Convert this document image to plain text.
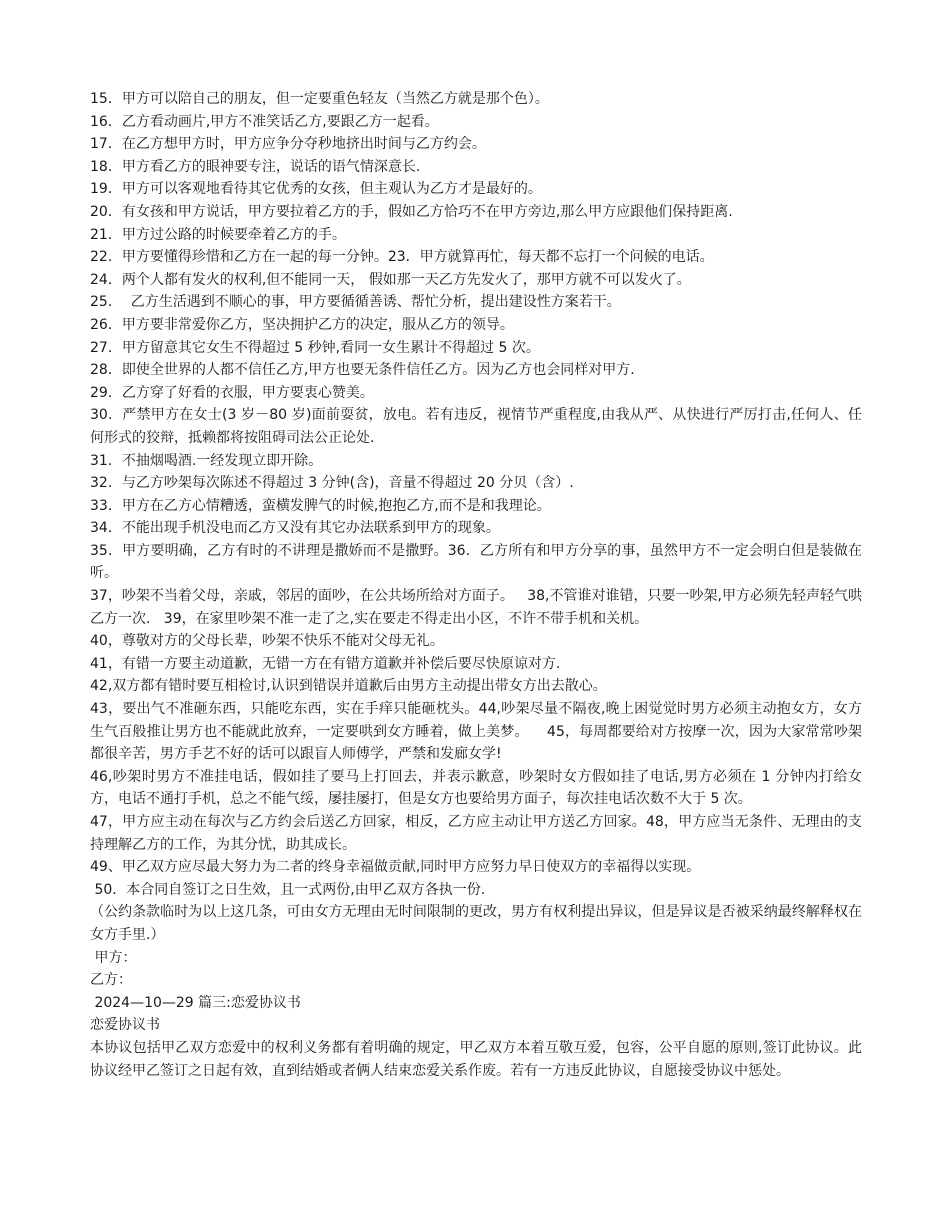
15．甲方可以陪自己的朋友，但一定要重色轻友（当然乙方就是那个色）。

16．乙方看动画片,甲方不准笑话乙方,要跟乙方一起看。

17．在乙方想甲方时，甲方应争分夺秒地挤出时间与乙方约会。

18．甲方看乙方的眼神要专注，说话的语气情深意长.

19．甲方可以客观地看待其它优秀的女孩，但主观认为乙方才是最好的。

20．有女孩和甲方说话，甲方要拉着乙方的手，假如乙方恰巧不在甲方旁边,那么甲方应跟他们保持距离.

21．甲方过公路的时候要牵着乙方的手。

22．甲方要懂得珍惜和乙方在一起的每一分钟。23．甲方就算再忙，每天都不忘打一个问候的电话。

24．两个人都有发火的权利,但不能同一天， 假如那一天乙方先发火了，那甲方就不可以发火了。

25．  乙方生活遇到不顺心的事，甲方要循循善诱、帮忙分析，提出建设性方案若干。

26．甲方要非常爱你乙方，坚决拥护乙方的决定，服从乙方的领导。

27．甲方留意其它女生不得超过 5 秒钟,看同一女生累计不得超过 5 次。

28．即使全世界的人都不信任乙方,甲方也要无条件信任乙方。因为乙方也会同样对甲方.

29．乙方穿了好看的衣服，甲方要衷心赞美。

30．严禁甲方在女士(3 岁－80 岁)面前耍贫，放电。若有违反，视情节严重程度,由我从严、从快进行严厉打击,任何人、任何形式的狡辩，抵赖都将按阻碍司法公正论处.

31．不抽烟喝酒.一经发现立即开除。

32．与乙方吵架每次陈述不得超过 3 分钟(含)，音量不得超过 20 分贝（含）.

33．甲方在乙方心情糟透，蛮横发脾气的时候,抱抱乙方,而不是和我理论。

34．不能出现手机没电而乙方又没有其它办法联系到甲方的现象。

35．甲方要明确，乙方有时的不讲理是撒娇而不是撒野。36．乙方所有和甲方分享的事，虽然甲方不一定会明白但是装做在听。

37，吵架不当着父母，亲戚，邻居的面吵，在公共场所给对方面子。   38,不管谁对谁错，只要一吵架,甲方必须先轻声轻气哄乙方一次.   39，在家里吵架不准一走了之,实在要走不得走出小区，不许不带手机和关机。

40，尊敬对方的父母长辈，吵架不快乐不能对父母无礼。

41，有错一方要主动道歉，无错一方在有错方道歉并补偿后要尽快原谅对方.

42,双方都有错时要互相检讨,认识到错误并道歉后由男方主动提出带女方出去散心。

43，要出气不准砸东西，只能吃东西，实在手痒只能砸枕头。44,吵架尽量不隔夜,晚上困觉觉时男方必须主动抱女方，女方生气百般推让男方也不能就此放弃，一定要哄到女方睡着，做上美梦。    45，每周都要给对方按摩一次，因为大家常常吵架都很辛苦，男方手艺不好的话可以跟盲人师傅学，严禁和发廊女学!

46,吵架时男方不准挂电话，假如挂了要马上打回去，并表示歉意，吵架时女方假如挂了电话,男方必须在 1 分钟内打给女方，电话不通打手机，总之不能气绥，屡挂屡打，但是女方也要给男方面子，每次挂电话次数不大于 5 次。

47，甲方应主动在每次与乙方约会后送乙方回家，相反，乙方应主动让甲方送乙方回家。48，甲方应当无条件、无理由的支持理解乙方的工作，为其分忧，助其成长。

49、甲乙双方应尽最大努力为二者的终身幸福做贡献,同时甲方应努力早日使双方的幸福得以实现。

50．本合同自签订之日生效，且一式两份,由甲乙双方各执一份.

（公约条款临时为以上这几条，可由女方无理由无时间限制的更改，男方有权利提出异议，但是异议是否被采纳最终解释权在女方手里.）

甲方：

乙方：

2024—10—29 篇三:恋爱协议书

恋爱协议书

本协议包括甲乙双方恋爱中的权利义务都有着明确的规定，甲乙双方本着互敬互爱，包容，公平自愿的原则,签订此协议。此协议经甲乙签订之日起有效，直到结婚或者俩人结束恋爱关系作废。若有一方违反此协议，自愿接受协议中惩处。
